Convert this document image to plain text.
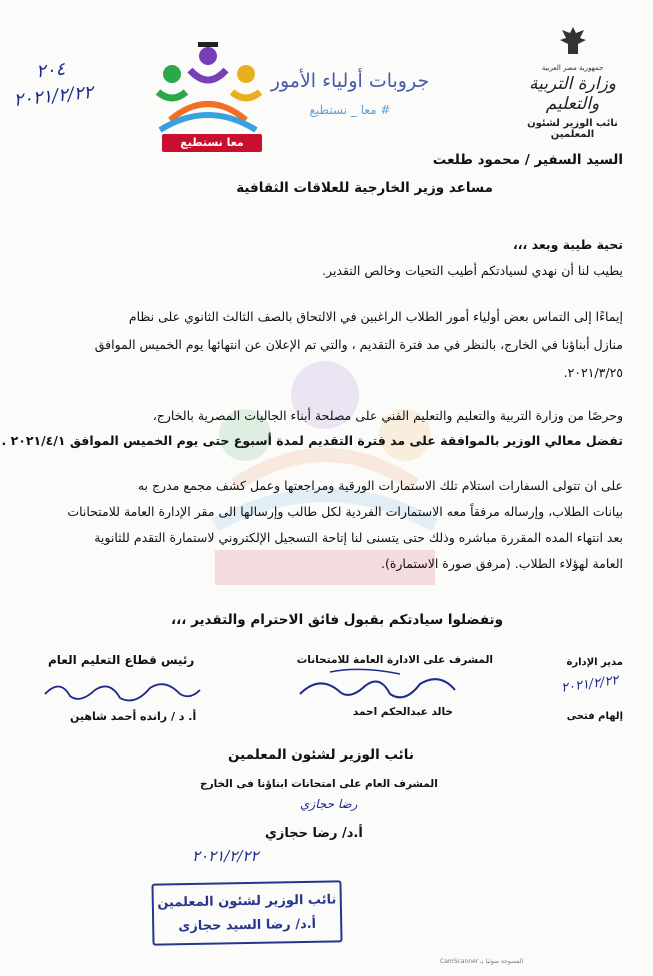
٢٠٤
٢٠٢١/٢/٢٢
معا نستطيع
جروبات أولياء الأمور
# معا _ نستطيع
جمهورية مصر العربية
وزارة التربية والتعليم
نائب الوزير لشئون المعلمين
السيد السفير / محمود طلعت
مساعد وزير الخارجية للعلاقات الثقافية
تحية طيبة وبعد ،،،
يطيب لنا أن نهدي لسيادتكم أطيب التحيات وخالص التقدير.
إيماءًا إلى التماس بعض أولياء أمور الطلاب الراغبين في الالتحاق بالصف الثالث الثانوي على نظام
منازل أبناؤنا في الخارج، بالنظر في مد فترة التقديم ، والتي تم الإعلان عن انتهائها يوم الخميس الموافق
٢٠٢١/٣/٢٥.
وحرصًا من وزارة التربية والتعليم والتعليم الفني على مصلحة أبناء الجاليات المصرية بالخارج،
تفضل معالي الوزير بالموافقة على مد فترة التقديم لمدة أسبوع حتى يوم الخميس الموافق ٢٠٢١/٤/١ .
على ان تتولى السفارات استلام تلك الاستمارات الورقية ومراجعتها وعمل كشف مجمع مدرج به
بيانات الطلاب، وإرساله مرفقاً معه الاستمارات الفردية لكل طالب وإرسالها الى مقر الإدارة العامة للامتحانات
بعد انتهاء المده المقررة مباشره وذلك حتى يتسنى لنا إتاحة التسجيل الإلكتروني لاستمارة التقدم للثانوية
العامة لهؤلاء الطلاب. (مرفق صورة الاستمارة).
وتفضلوا سيادتكم بقبول فائق الاحترام والتقدير ،،،
مدير الإدارة
٢٠٢١/٢/٢٢
إلهام فتحى
المشرف على الادارة العامة للامتحانات
خالد عبدالحكم احمد
رئيس قطاع التعليم العام
أ. د / رانده أحمد شاهين
نائب الوزير لشئون المعلمين
المشرف العام على امتحانات ابناؤنا فى الخارج
رضا حجازي
أ.د/ رضا حجازي
٢٠٢١/٢/٢٢
نائب الوزير لشئون المعلمين
أ.د/ رضا السيد حجازى
CamScanner المسوحة ضوئيا بـ
